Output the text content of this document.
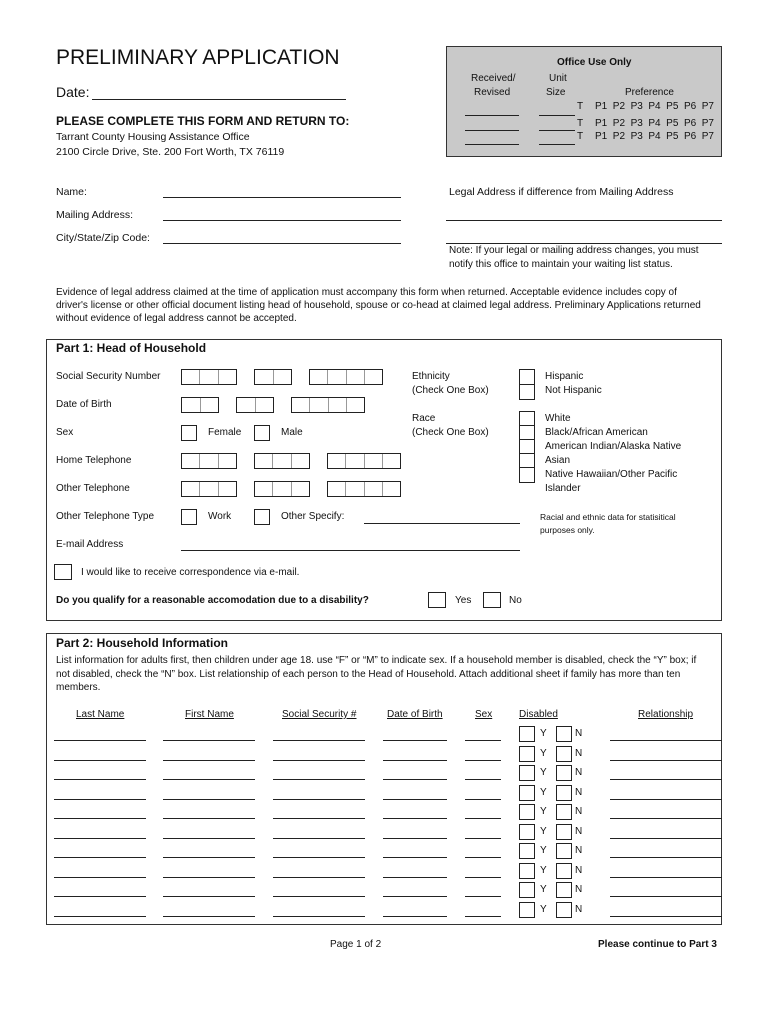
PRELIMINARY APPLICATION
Date:
PLEASE COMPLETE THIS FORM AND RETURN TO:
Tarrant County Housing Assistance Office
2100 Circle Drive, Ste. 200 Fort Worth, TX 76119
Office Use Only
Received/
Revised
Unit
Size	Preference
T P1  P2  P3  P4  P5  P6  P7
T P1  P2  P3  P4  P5  P6  P7
T P1  P2  P3  P4  P5  P6  P7
Name:
Mailing Address:
City/State/Zip Code:
Legal Address if difference from Mailing Address
Note: If your legal or mailing address changes, you must
notify this office to maintain your waiting list status.
Evidence of legal address claimed at the time of application must accompany this form when returned. Acceptable evidence includes copy of
driver's license or other official document listing head of household, spouse or co-head at claimed legal address. Preliminary Applications returned
without evidence of legal address cannot be accepted.
Part 1: Head of Household
Social Security Number
Date of Birth
Sex	Female	Male
Home Telephone
Other Telephone
Other Telephone Type	Work	Other Specify:
E-mail Address
Ethnicity
(Check One Box)
Hispanic
Not Hispanic
Race
(Check One Box)
White
Black/African American
American Indian/Alaska Native
Asian
Native Hawaiian/Other Pacific
Islander
Racial and ethnic data for statisitical
purposes only.
I would like to receive correspondence via e-mail.
Do you qualify for a reasonable accomodation due to a disability?	Yes	No
Part 2: Household Information
List information for adults first, then children under age 18. use “F” or “M” to indicate sex. If a household member is disabled, check the “Y” box; if
not disabled, check the “N” box. List relationship of each person to the Head of Household. Attach additional sheet if family has more than ten
members.
Last Name	First Name	Social Security #	Date of Birth	Sex	Disabled	Relationship
Y	N
Y	N
Y	N
Y	N
Y	N
Y	N
Y	N
Y	N
Y	N
Y	N
Page 1 of 2	Please continue to Part 3
